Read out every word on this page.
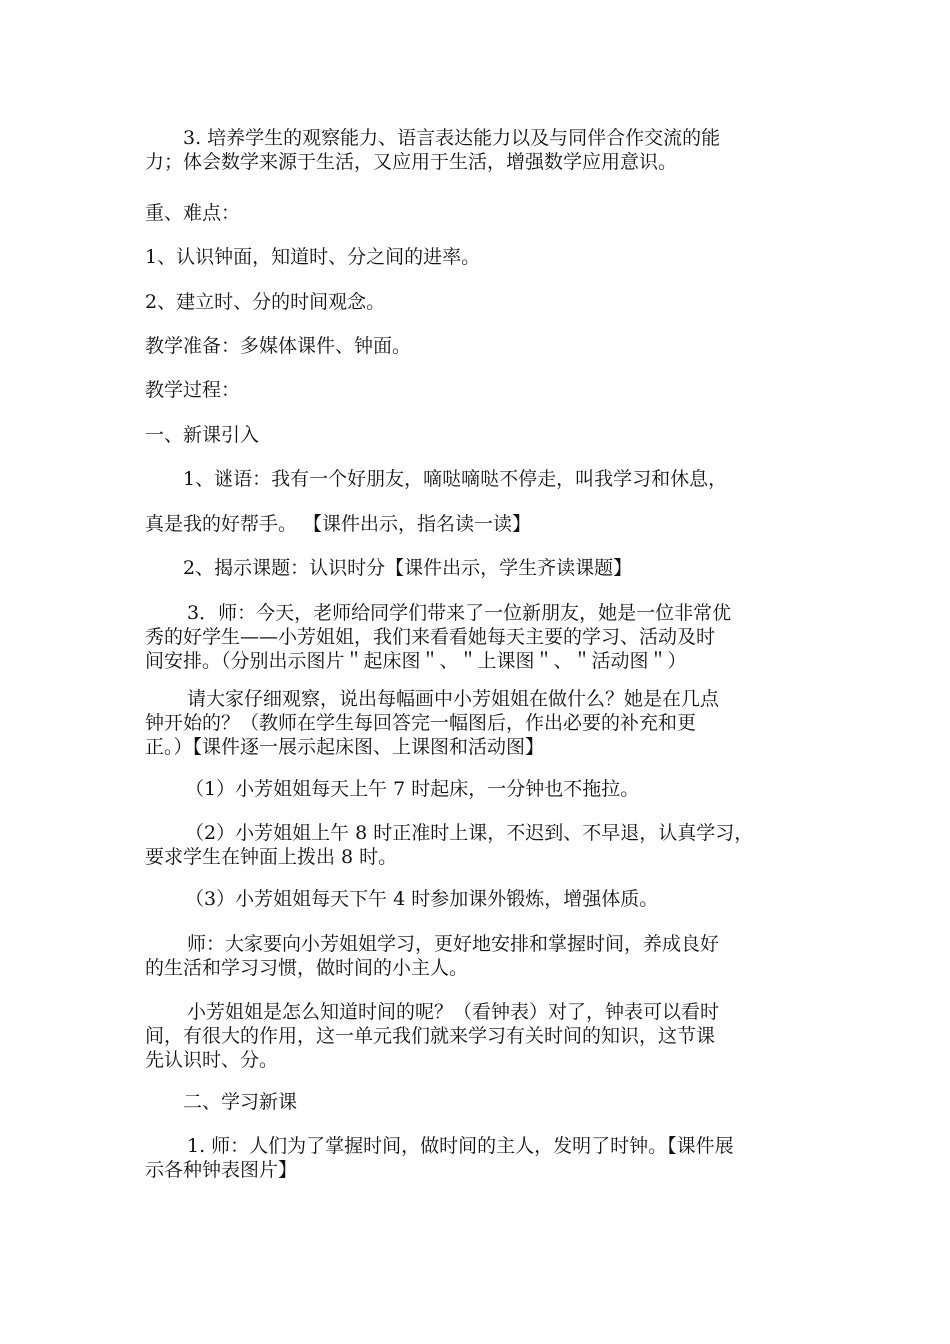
3. 培养学生的观察能力、语言表达能力以及与同伴合作交流的能
力；体会数学来源于生活，又应用于生活，增强数学应用意识。

重、难点：

1、认识钟面，知道时、分之间的进率。

2、建立时、分的时间观念。

教学准备：多媒体课件、钟面。

教学过程：

一、新课引入

1、谜语：我有一个好朋友，嘀哒嘀哒不停走，叫我学习和休息，

真是我的好帮手。 【课件出示，指名读一读】

2、揭示课题：认识时分【课件出示，学生齐读课题】

3．师：今天，老师给同学们带来了一位新朋友，她是一位非常优
秀的好学生——小芳姐姐，我们来看看她每天主要的学习、活动及时
间安排。（分别出示图片＂起床图＂、＂上课图＂、＂活动图＂）

请大家仔细观察，说出每幅画中小芳姐姐在做什么？她是在几点
钟开始的？（教师在学生每回答完一幅图后，作出必要的补充和更
正。）【课件逐一展示起床图、上课图和活动图】

（1）小芳姐姐每天上午 7 时起床，一分钟也不拖拉。

（2）小芳姐姐上午 8 时正准时上课，不迟到、不早退，认真学习，
要求学生在钟面上拨出 8 时。

（3）小芳姐姐每天下午 4 时参加课外锻炼，增强体质。

师：大家要向小芳姐姐学习，更好地安排和掌握时间，养成良好
的生活和学习习惯，做时间的小主人。

小芳姐姐是怎么知道时间的呢？（看钟表）对了，钟表可以看时
间，有很大的作用，这一单元我们就来学习有关时间的知识，这节课
先认识时、分。

二、学习新课

1. 师：人们为了掌握时间，做时间的主人，发明了时钟。【课件展
示各种钟表图片】
